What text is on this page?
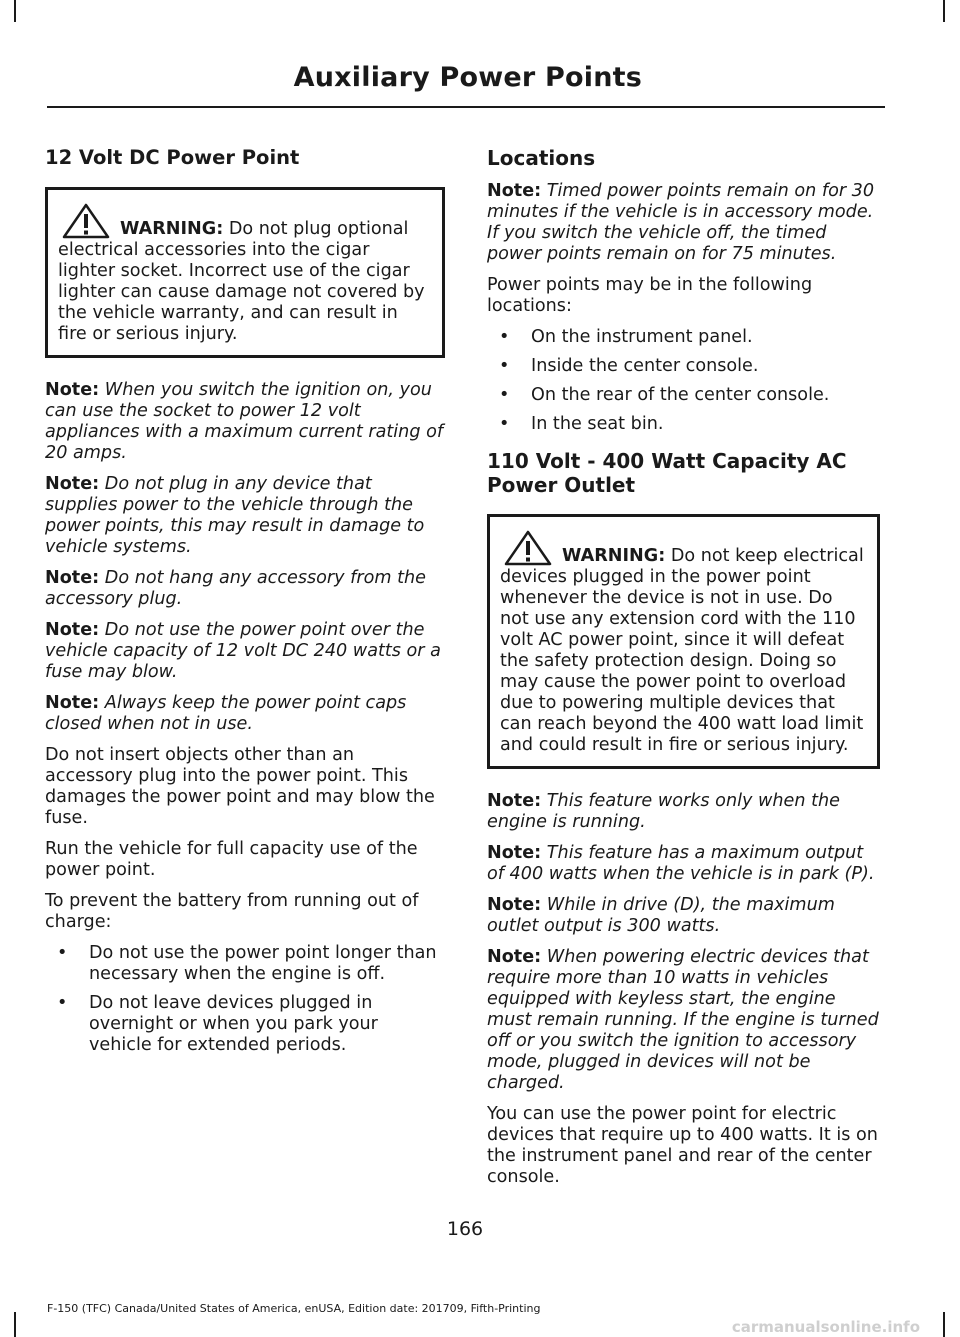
Auxiliary Power Points
12 Volt DC Power Point
WARNING: Do not plug optional electrical accessories into the cigar lighter socket. Incorrect use of the cigar lighter can cause damage not covered by the vehicle warranty, and can result in fire or serious injury.

Note: When you switch the ignition on, you can use the socket to power 12 volt appliances with a maximum current rating of 20 amps.

Note: Do not plug in any device that supplies power to the vehicle through the power points, this may result in damage to vehicle systems.

Note: Do not hang any accessory from the accessory plug.

Note: Do not use the power point over the vehicle capacity of 12 volt DC 240 watts or a fuse may blow.

Note: Always keep the power point caps closed when not in use.

Do not insert objects other than an accessory plug into the power point. This damages the power point and may blow the fuse.

Run the vehicle for full capacity use of the power point.

To prevent the battery from running out of charge:

• Do not use the power point longer than necessary when the engine is off.
• Do not leave devices plugged in overnight or when you park your vehicle for extended periods.
Locations

Note: Timed power points remain on for 30 minutes if the vehicle is in accessory mode. If you switch the vehicle off, the timed power points remain on for 75 minutes.

Power points may be in the following locations:

• On the instrument panel.
• Inside the center console.
• On the rear of the center console.
• In the seat bin.
110 Volt - 400 Watt Capacity AC Power Outlet
WARNING: Do not keep electrical devices plugged in the power point whenever the device is not in use. Do not use any extension cord with the 110 volt AC power point, since it will defeat the safety protection design. Doing so may cause the power point to overload due to powering multiple devices that can reach beyond the 400 watt load limit and could result in fire or serious injury.

Note: This feature works only when the engine is running.

Note: This feature has a maximum output of 400 watts when the vehicle is in park (P).

Note: While in drive (D), the maximum outlet output is 300 watts.

Note: When powering electric devices that require more than 10 watts in vehicles equipped with keyless start, the engine must remain running. If the engine is turned off or you switch the ignition to accessory mode, plugged in devices will not be charged.

You can use the power point for electric devices that require up to 400 watts. It is on the instrument panel and rear of the center console.

166
F-150 (TFC) Canada/United States of America, enUSA, Edition date: 201709, Fifth-Printing
carmanualsonline.info
